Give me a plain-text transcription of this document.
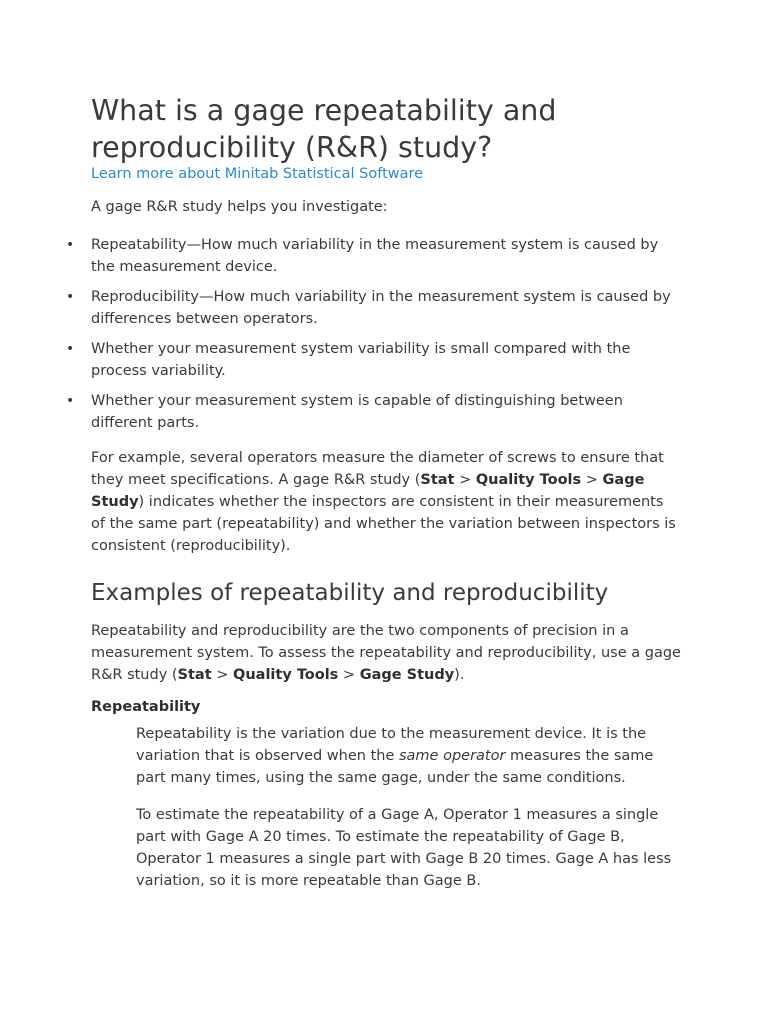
What is a gage repeatability and reproducibility (R&R) study?
Learn more about Minitab Statistical Software

A gage R&R study helps you investigate:

• Repeatability—How much variability in the measurement system is caused by the measurement device.
• Reproducibility—How much variability in the measurement system is caused by differences between operators.
• Whether your measurement system variability is small compared with the process variability.
• Whether your measurement system is capable of distinguishing between different parts.

For example, several operators measure the diameter of screws to ensure that they meet specifications. A gage R&R study (Stat > Quality Tools > Gage Study) indicates whether the inspectors are consistent in their measurements of the same part (repeatability) and whether the variation between inspectors is consistent (reproducibility).

Examples of repeatability and reproducibility

Repeatability and reproducibility are the two components of precision in a measurement system. To assess the repeatability and reproducibility, use a gage R&R study (Stat > Quality Tools > Gage Study).

Repeatability

Repeatability is the variation due to the measurement device. It is the variation that is observed when the same operator measures the same part many times, using the same gage, under the same conditions.

To estimate the repeatability of a Gage A, Operator 1 measures a single part with Gage A 20 times. To estimate the repeatability of Gage B, Operator 1 measures a single part with Gage B 20 times. Gage A has less variation, so it is more repeatable than Gage B.
